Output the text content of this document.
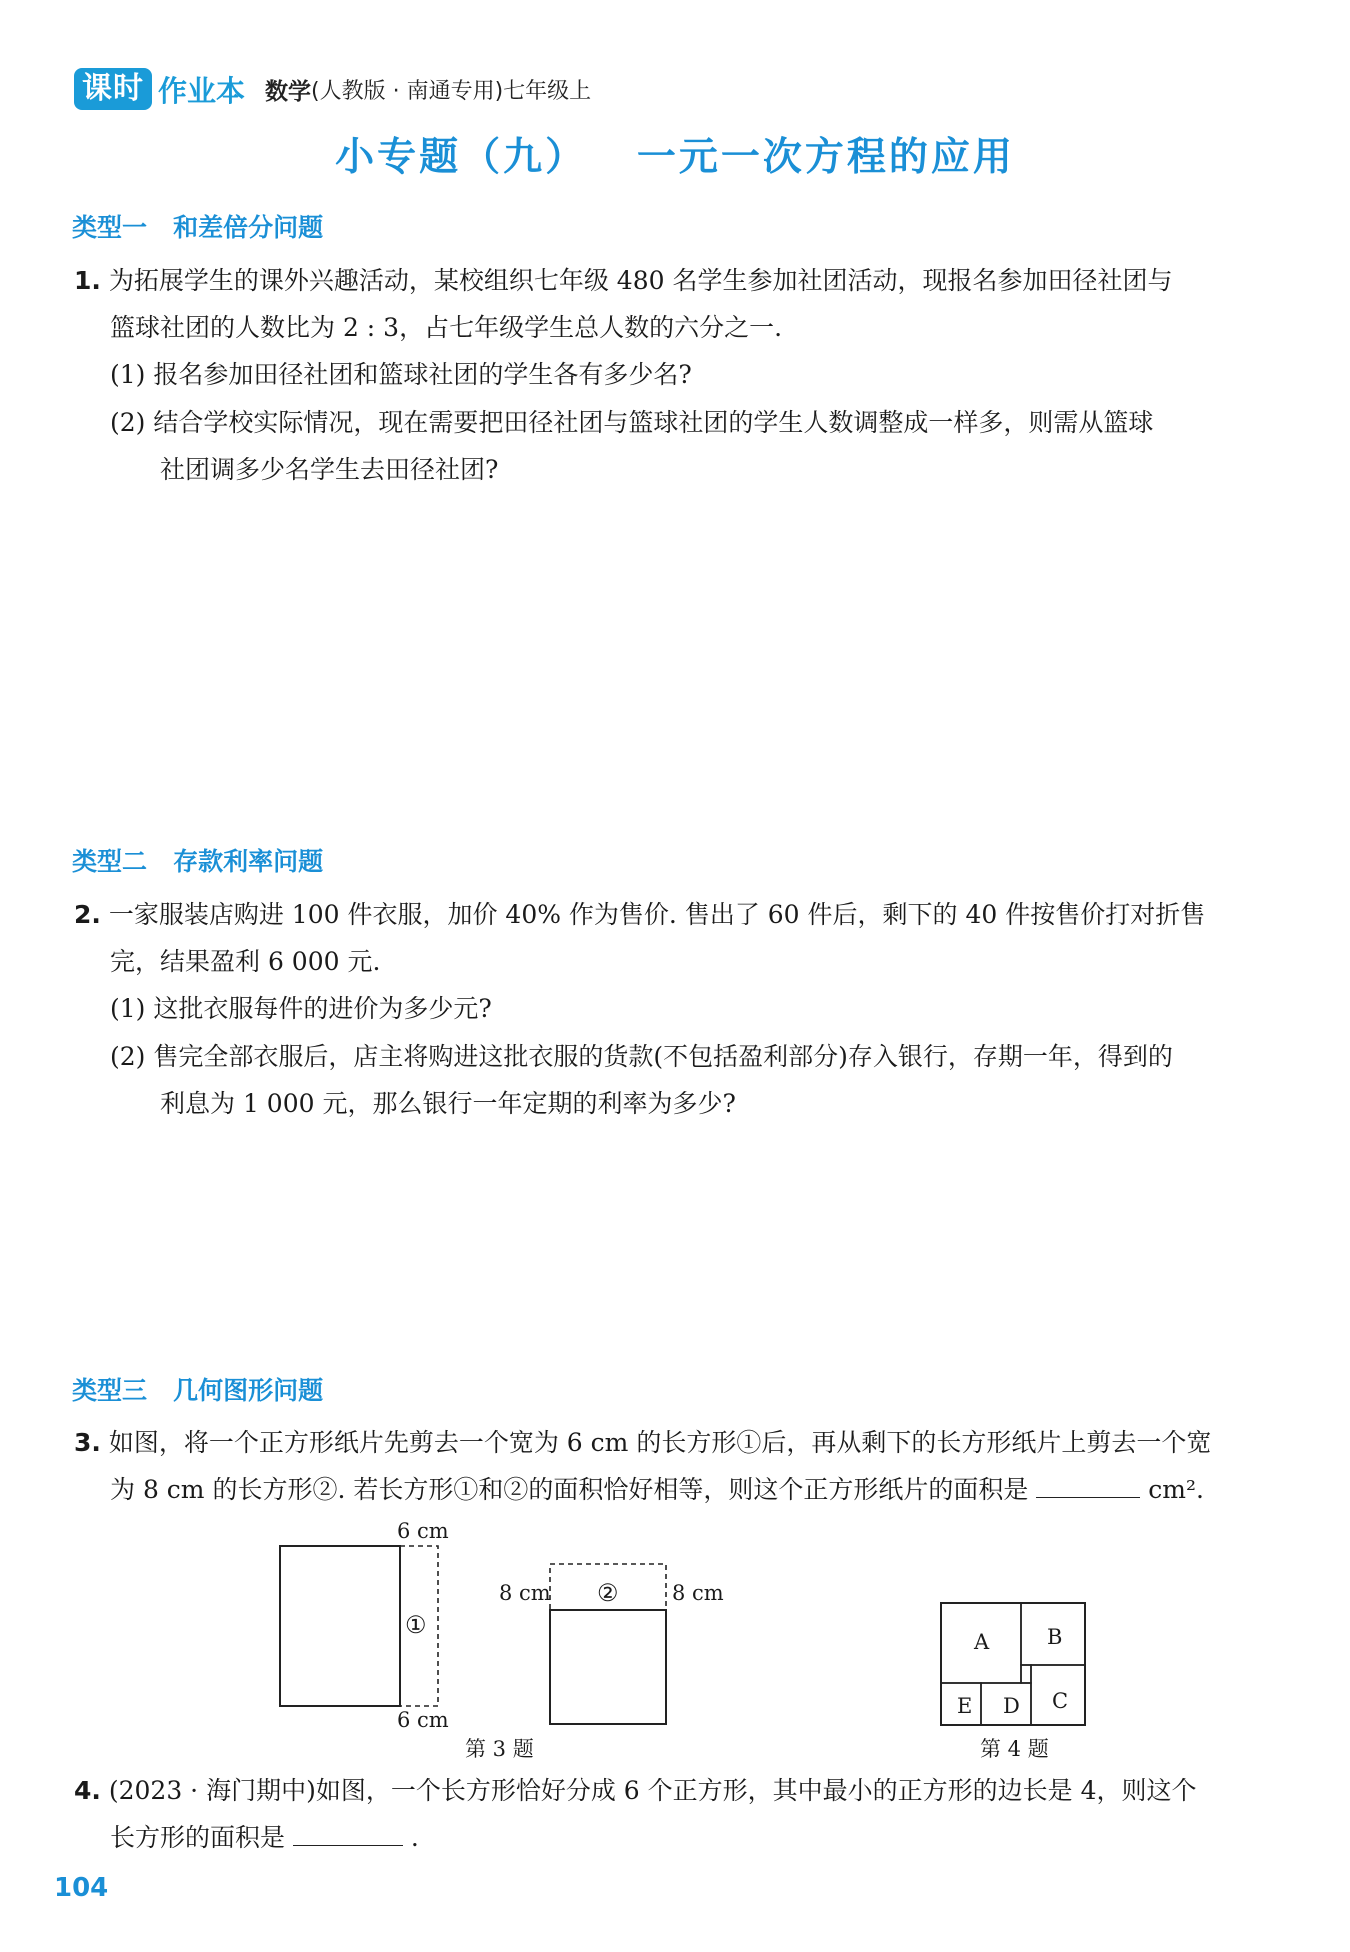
课时 作业本 数学 (人教版 · 南通专用)七年级上
小专题（九）   一元一次方程的应用
类型一   和差倍分问题
1. 为拓展学生的课外兴趣活动，某校组织七年级 480 名学生参加社团活动，现报名参加田径社团与
篮球社团的人数比为 2 : 3，占七年级学生总人数的六分之一.
(1) 报名参加田径社团和篮球社团的学生各有多少名?
(2) 结合学校实际情况，现在需要把田径社团与篮球社团的学生人数调整成一样多，则需从篮球
社团调多少名学生去田径社团?
类型二   存款利率问题
2. 一家服装店购进 100 件衣服，加价 40% 作为售价. 售出了 60 件后，剩下的 40 件按售价打对折售
完，结果盈利 6 000 元.
(1) 这批衣服每件的进价为多少元?
(2) 售完全部衣服后，店主将购进这批衣服的货款(不包括盈利部分)存入银行，存期一年，得到的
利息为 1 000 元，那么银行一年定期的利率为多少?
类型三   几何图形问题
3. 如图，将一个正方形纸片先剪去一个宽为 6 cm 的长方形①后，再从剩下的长方形纸片上剪去一个宽
为 8 cm 的长方形②. 若长方形①和②的面积恰好相等，则这个正方形纸片的面积是	cm².
6 cm
①
6 cm
8 cm ②	8 cm
第 3 题
A	B
C
D
E
第 4 题
4. (2023 · 海门期中)如图，一个长方形恰好分成 6 个正方形，其中最小的正方形的边长是 4，则这个
长方形的面积是	.
104
